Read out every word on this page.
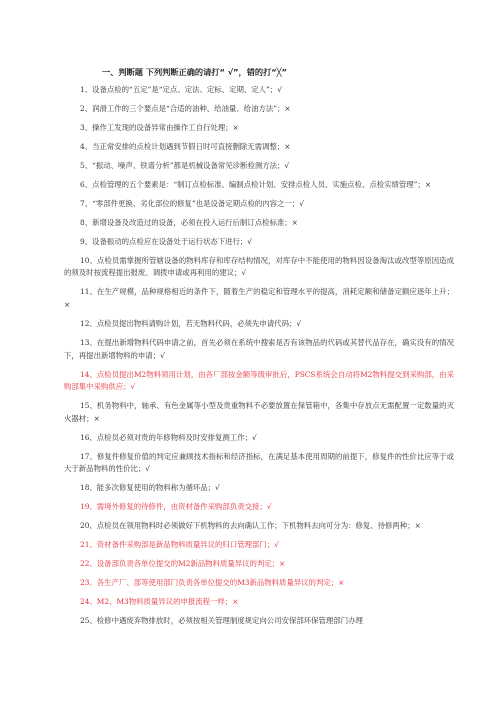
一、判断题 下列判断正确的请打“ √”，错的打“╳”

1、设备点检的“五定”是“定点、定法、定标、定期、定人”；√

2、润滑工作的三个要点是“合适的油种、给油量、给油方法”；×

3、操作工发现的设备异常由操作工自行处理；×

4、当正常安排的点检计划遇到节假日时可直接删除无需调整；×

5、“振动、噪声、铁谱分析”都是机械设备常见诊断检测方法；√

6、点检管理的五个要素是：“制订点检标准、编制点检计划、安排点检人员、实施点检、点检实绩管理”；×

7、“零部件更换、劣化部位的修复”也是设备定期点检的内容之一；√

8、新增设备及改造过的设备，必须在投入运行后制订点检标准；×

9、设备振动的点检应在设备处于运行状态下进行；√

10、点检员需掌握所管辖设备的物料库存和库存结构情况，对库存中不能使用的物料因设备淘汰或改型等原因造成的须及时按流程提出报废、调拨申请或再利用的建议；√

11、在生产规模，品种规格相近的条件下，随着生产的稳定和管理水平的提高，消耗定额和储备定额应逐年上升；×

12、点检员提出物料请购计划，若无物料代码，必须先申请代码；√

13、在提出新增物料代码申请之前，首先必须在系统中搜索是否有该物品的代码或其替代品存在，确实没有的情况下，再提出新增物料的申请；√

14、点检员提出M2物料领用计划，由各厂部按金额等级审批后，PSCS系统会自动将M2物料提交到采购部，由采购部集中采购供应；√

15、机务物料中，轴承、有色金属等小型及贵重物料不必要放置在保管箱中，各集中存放点无需配置一定数量的灭火器材；×

16、点检员必须对贵的年修物料及时安排复测工作；√

17、修复件修复价值的判定应兼顾技术指标和经济指标，在满足基本使用周期的前提下，修复件的性价比应等于或大于新品物料的性价比；√

18、能多次修复使用的物料称为循环品；√

19、需境外修复的待修件，由资材备件采购部负责交接；√

20、点检员在领用物料时必须做好下机物料的去向确认工作；下机物料去向可分为：修复、待修两种；×

21、资材备件采购部是新品物料质量异议的归口管理部门；√

22、设备部负责各单位提交的M2新品物料质量异议的判定；×

23、各生产厂、部等使用部门负责各单位提交的M3新品物料质量异议的判定；×

24、M2、M3物料质量异议的申报流程一样；×

25、检修中遇废弃物排放时，必须按相关管理制度规定向公司安保部环保管理部门办理
